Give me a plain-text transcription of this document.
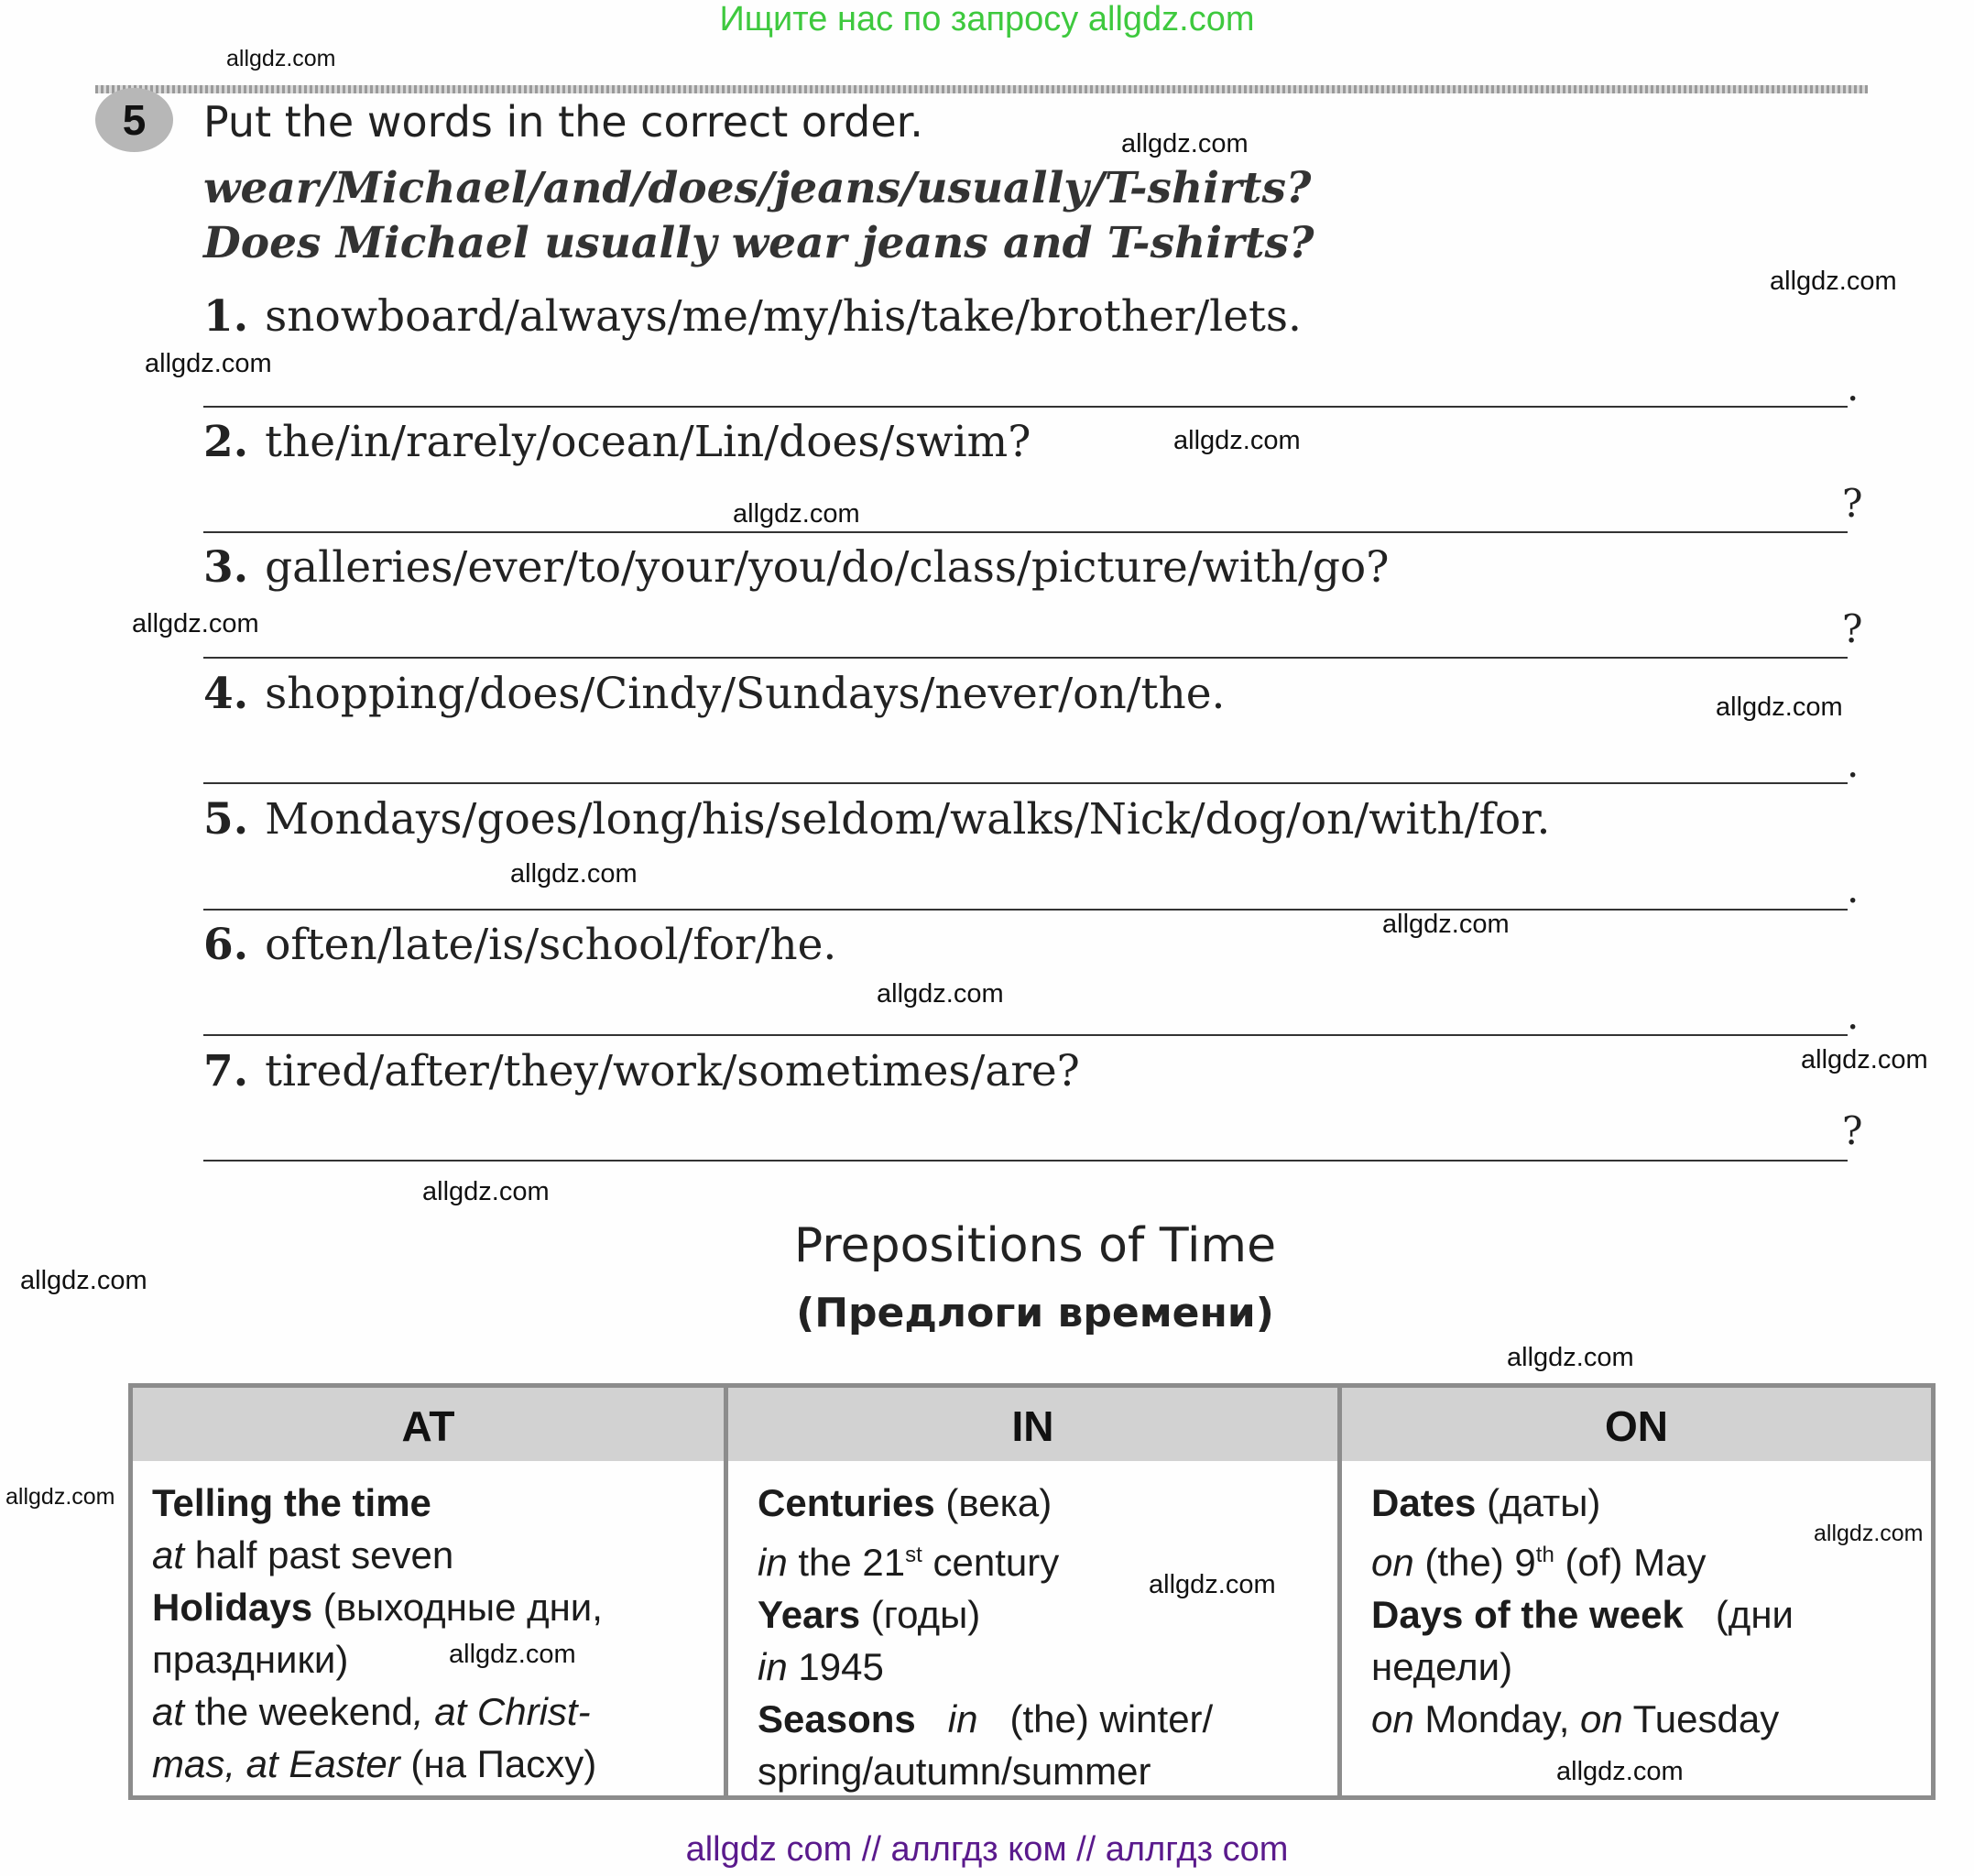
Ищите нас по запросу allgdz.com
5	Put the words in the correct order.
wear/Michael/and/does/jeans/usually/T-shirts?
Does Michael usually wear jeans and T-shirts?
1. snowboard/always/me/my/his/take/brother/lets.
.
2. the/in/rarely/ocean/Lin/does/swim?
?
3. galleries/ever/to/your/you/do/class/picture/with/go?
?
4. shopping/does/Cindy/Sundays/never/on/the.
.
5. Mondays/goes/long/his/seldom/walks/Nick/dog/on/with/for.
.
6. often/late/is/school/for/he.
.
7. tired/after/they/work/sometimes/are?
?
Prepositions of Time
(Предлоги времени)
AT	IN	ON
Telling the time
at half past seven
Holidays (выходные дни,
праздники)
at the weekend, at Christ-
mas, at Easter (на Пасху)
Centuries (века)
in the 21st century
Years (годы)
in 1945
Seasons   in   (the) winter/
spring/autumn/summer
Dates (даты)
on (the) 9th (of) May
Days of the week   (дни
недели)
on Monday, on Tuesday
allgdz.com
allgdz.com
allgdz.com
allgdz.com
allgdz.com
allgdz.com
allgdz.com
allgdz.com
allgdz.com
allgdz.com
allgdz.com
allgdz.com
allgdz.com
allgdz.com
allgdz.com
allgdz.com
allgdz.com
allgdz.com
allgdz.com
allgdz.com
allgdz com // аллгдз ком // аллгдз com
